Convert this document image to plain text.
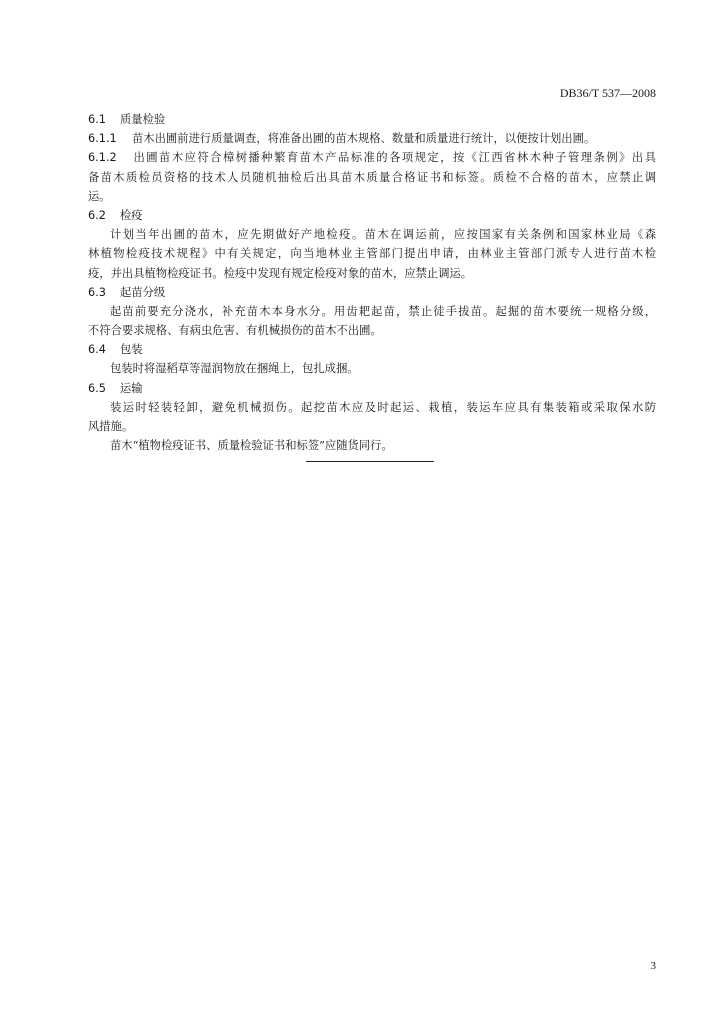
DB36/T 537—2008
6.1 质量检验
6.1.1 苗木出圃前进行质量调查，将准备出圃的苗木规格、数量和质量进行统计，以便按计划出圃。
6.1.2 出圃苗木应符合樟树播种繁育苗木产品标准的各项规定，按《江西省林木种子管理条例》出具
备苗木质检员资格的技术人员随机抽检后出具苗木质量合格证书和标签。质检不合格的苗木，应禁止调
运。
6.2 检疫
计划当年出圃的苗木，应先期做好产地检疫。苗木在调运前，应按国家有关条例和国家林业局《森
林植物检疫技术规程》中有关规定，向当地林业主管部门提出申请，由林业主管部门派专人进行苗木检
疫，并出具植物检疫证书。检疫中发现有规定检疫对象的苗木，应禁止调运。
6.3 起苗分级
起苗前要充分浇水，补充苗木本身水分。用齿耙起苗，禁止徒手拔苗。起掘的苗木要统一规格分级，
不符合要求规格、有病虫危害、有机械损伤的苗木不出圃。
6.4 包装
包装时将湿稻草等湿润物放在捆绳上，包扎成捆。
6.5 运输
装运时轻装轻卸，避免机械损伤。起挖苗木应及时起运、栽植，装运车应具有集装箱或采取保水防
风措施。
苗木“植物检疫证书、质量检验证书和标签”应随货同行。
3
